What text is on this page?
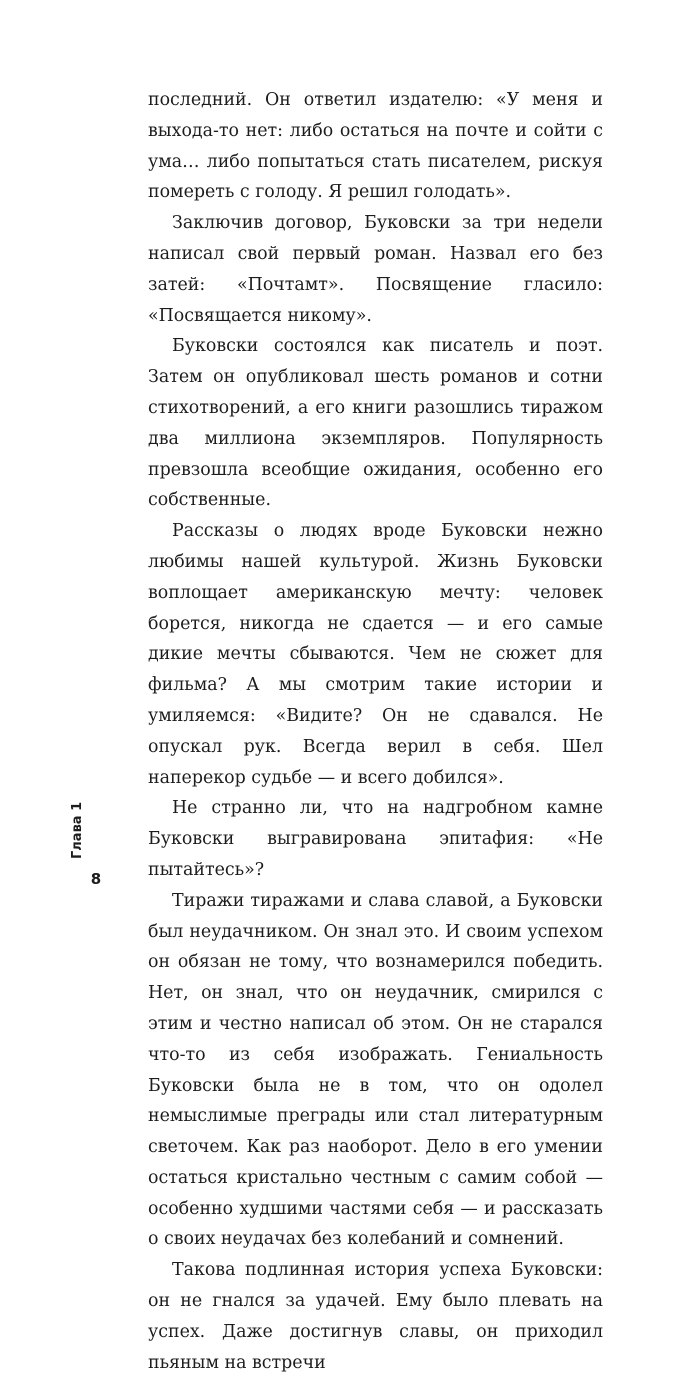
последний. Он ответил издателю: «У меня и выхода-то нет: либо остаться на почте и сойти с ума… либо попытаться стать писателем, рискуя помереть с голоду. Я решил голодать».

Заключив договор, Буковски за три недели написал свой первый роман. Назвал его без затей: «Почтамт». Посвящение гласило: «Посвящается никому».

Буковски состоялся как писатель и поэт. Затем он опубликовал шесть романов и сотни стихотворений, а его книги разошлись тиражом два миллиона экземпляров. Популярность превзошла всеобщие ожидания, особенно его собственные.

Рассказы о людях вроде Буковски нежно любимы нашей культурой. Жизнь Буковски воплощает американскую мечту: человек борется, никогда не сдается — и его самые дикие мечты сбываются. Чем не сюжет для фильма? А мы смотрим такие истории и умиляемся: «Видите? Он не сдавался. Не опускал рук. Всегда верил в себя. Шел наперекор судьбе — и всего добился».

Не странно ли, что на надгробном камне Буковски выгравирована эпитафия: «Не пытайтесь»?

Тиражи тиражами и слава славой, а Буковски был неудачником. Он знал это. И своим успехом он обязан не тому, что вознамерился победить. Нет, он знал, что он неудачник, смирился с этим и честно написал об этом. Он не старался что-то из себя изображать. Гениальность Буковски была не в том, что он одолел немыслимые преграды или стал литературным светочем. Как раз наоборот. Дело в его умении остаться кристально честным с самим собой — особенно худшими частями себя — и рассказать о своих неудачах без колебаний и сомнений.

Такова подлинная история успеха Буковски: он не гнался за удачей. Ему было плевать на успех. Даже достигнув славы, он приходил пьяным на встречи

Глава 1
8
